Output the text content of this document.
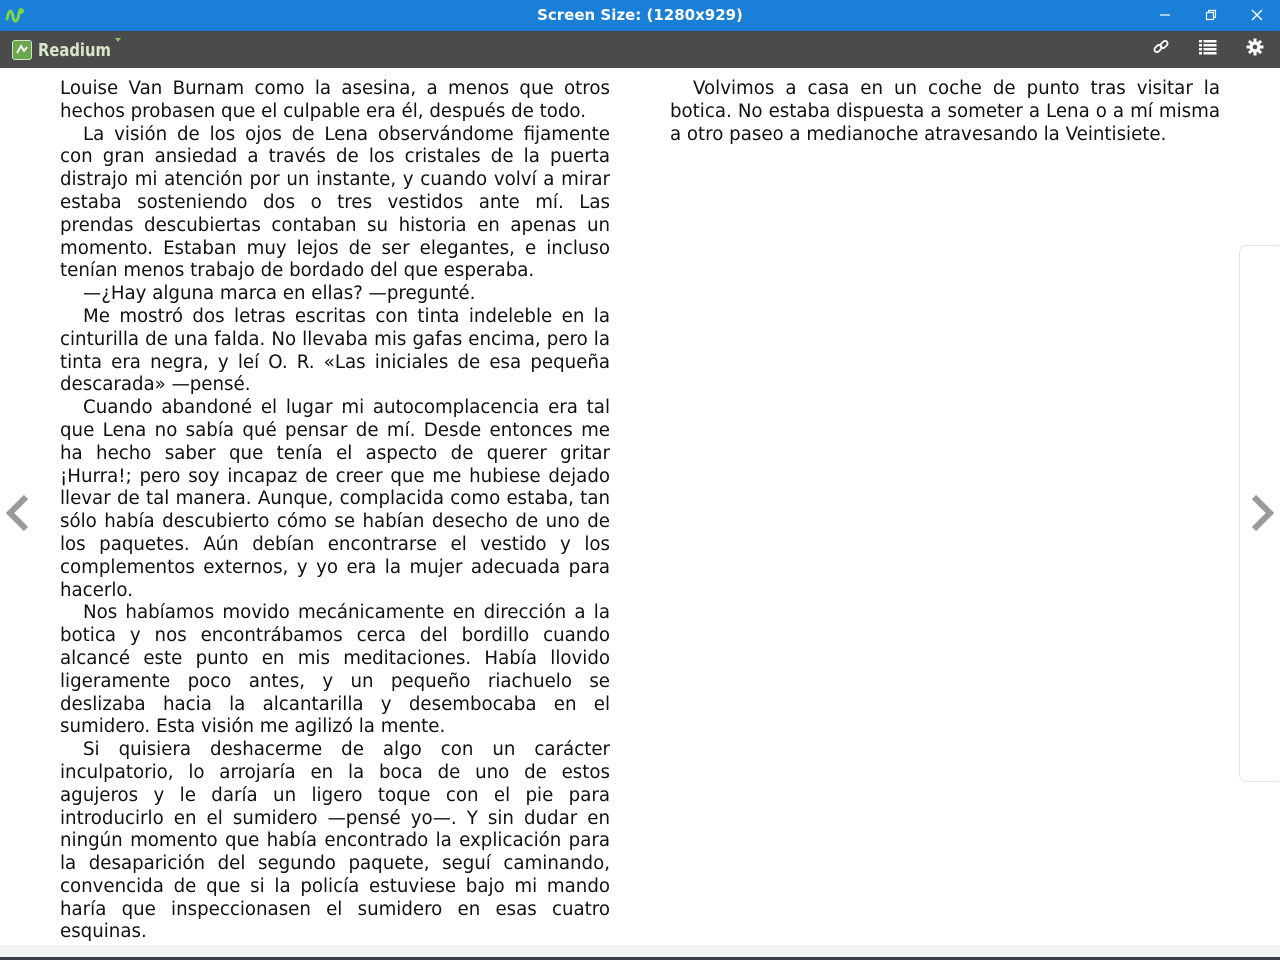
Screen Size: (1280x929)
Readium

Louise Van Burnam como la asesina, a menos que otros hechos probasen que el culpable era él, después de todo.

La visión de los ojos de Lena observándome fijamente con gran ansiedad a través de los cristales de la puerta distrajo mi atención por un instante, y cuando volví a mirar estaba sosteniendo dos o tres vestidos ante mí. Las prendas descubiertas contaban su historia en apenas un momento. Estaban muy lejos de ser elegantes, e incluso tenían menos trabajo de bordado del que esperaba.

—¿Hay alguna marca en ellas? —pregunté.

Me mostró dos letras escritas con tinta indeleble en la cinturilla de una falda. No llevaba mis gafas encima, pero la tinta era negra, y leí O. R. «Las iniciales de esa pequeña descarada» —pensé.

Cuando abandoné el lugar mi autocomplacencia era tal que Lena no sabía qué pensar de mí. Desde entonces me ha hecho saber que tenía el aspecto de querer gritar ¡Hurra!; pero soy incapaz de creer que me hubiese dejado llevar de tal manera. Aunque, complacida como estaba, tan sólo había descubierto cómo se habían desecho de uno de los paquetes. Aún debían encontrarse el vestido y los complementos externos, y yo era la mujer adecuada para hacerlo.

Nos habíamos movido mecánicamente en dirección a la botica y nos encontrábamos cerca del bordillo cuando alcancé este punto en mis meditaciones. Había llovido ligeramente poco antes, y un pequeño riachuelo se deslizaba hacia la alcantarilla y desembocaba en el sumidero. Esta visión me agilizó la mente.

Si quisiera deshacerme de algo con un carácter inculpatorio, lo arrojaría en la boca de uno de estos agujeros y le daría un ligero toque con el pie para introducirlo en el sumidero —pensé yo—. Y sin dudar en ningún momento que había encontrado la explicación para la desaparición del segundo paquete, seguí caminando, convencida de que si la policía estuviese bajo mi mando haría que inspeccionasen el sumidero en esas cuatro esquinas.

Volvimos a casa en un coche de punto tras visitar la botica. No estaba dispuesta a someter a Lena o a mí misma a otro paseo a medianoche atravesando la Veintisiete.
